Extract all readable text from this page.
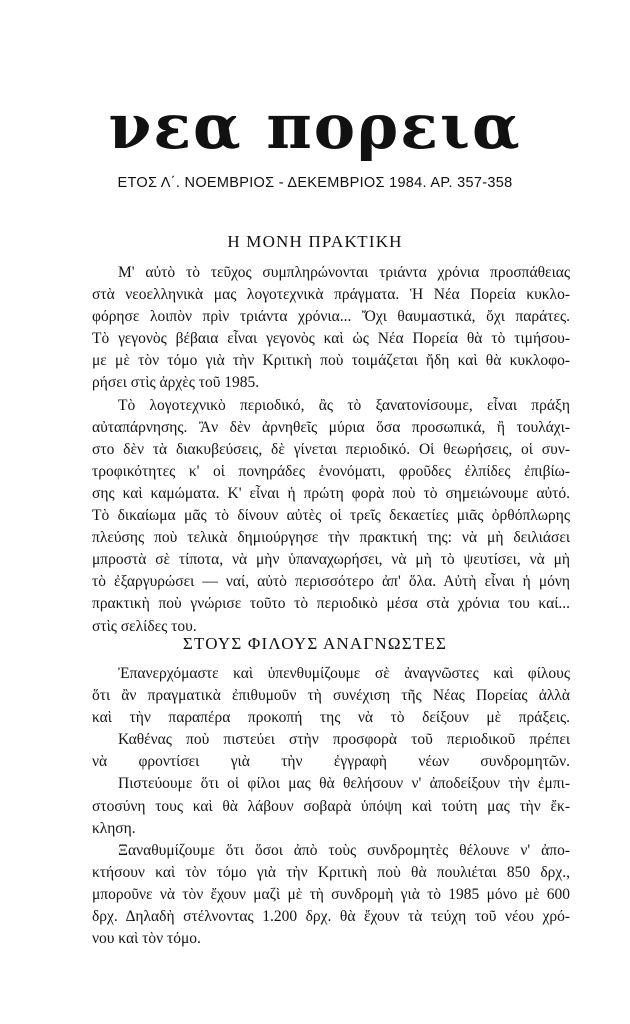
νεα πορεια
ΕΤΟΣ Λ΄. ΝΟΕΜΒΡΙΟΣ - ΔΕΚΕΜΒΡΙΟΣ 1984. ΑΡ. 357-358
Η ΜΟΝΗ ΠΡΑΚΤΙΚΗ
Μ' αὐτὸ τὸ τεῦχος συμπληρώνονται τριάντα χρόνια προσπάθειας
στὰ νεοελληνικὰ μας λογοτεχνικὰ πράγματα. Ἡ Νέα Πορεία κυκλο-
φόρησε λοιπὸν πρὶν τριάντα χρόνια... Ὄχι θαυμαστικά, ὄχι παράτες.
Τὸ γεγονὸς βέβαια εἶναι γεγονὸς καὶ ὡς Νέα Πορεία θὰ τὸ τιμήσου-
με μὲ τὸν τόμο γιὰ τὴν Κριτικὴ ποὺ τοιμάζεται ἤδη καὶ θὰ κυκλοφο-
ρήσει στὶς ἀρχὲς τοῦ 1985.
Τὸ λογοτεχνικὸ περιοδικό, ἂς τὸ ξανατονίσουμε, εἶναι πράξη
αὐταπάρνησης. Ἂν δὲν ἀρνηθεῖς μύρια ὅσα προσωπικά, ἢ τουλάχι-
στο δὲν τὰ διακυβεύσεις, δὲ γίνεται περιοδικό. Οἱ θεωρήσεις, οἱ συν-
τροφικότητες κ' οἱ πονηράδες ἑνονόματι, φροῦδες ἐλπίδες ἐπιβίω-
σης καὶ καμώματα. Κ' εἶναι ἡ πρώτη φορὰ ποὺ τὸ σημειώνουμε αὐτό.
Τὸ δικαίωμα μᾶς τὸ δίνουν αὐτὲς οἱ τρεῖς δεκαετίες μιᾶς ὀρθόπλωρης
πλεύσης ποὺ τελικὰ δημιούργησε τὴν πρακτική της: νὰ μὴ δειλιάσει
μπροστὰ σὲ τίποτα, νὰ μὴν ὑπαναχωρήσει, νὰ μὴ τὸ ψευτίσει, νὰ μὴ
τὸ ἐξαργυρώσει — ναί, αὐτὸ περισσότερο ἀπ' ὅλα. Αὐτὴ εἶναι ἡ μόνη
πρακτικὴ ποὺ γνώρισε τοῦτο τὸ περιοδικὸ μέσα στὰ χρόνια του καί...
στὶς σελίδες του.
ΣΤΟΥΣ ΦΙΛΟΥΣ ΑΝΑΓΝΩΣΤΕΣ
Ἐπανερχόμαστε καὶ ὑπενθυμίζουμε σὲ ἀναγνῶστες καὶ φίλους
ὅτι ἂν πραγματικὰ ἐπιθυμοῦν τὴ συνέχιση τῆς Νέας Πορείας ἀλλὰ
καὶ τὴν παραπέρα προκοπή της νὰ τὸ δείξουν μὲ πράξεις.
Καθένας ποὺ πιστεύει στὴν προσφορὰ τοῦ περιοδικοῦ πρέπει
νὰ φροντίσει γιὰ τὴν ἐγγραφὴ νέων συνδρομητῶν.
Πιστεύουμε ὅτι οἱ φίλοι μας θὰ θελήσουν ν' ἀποδείξουν τὴν ἐμπι-
στοσύνη τους καὶ θὰ λάβουν σοβαρὰ ὑπόψη καὶ τούτη μας τὴν ἔκ-
κληση.
Ξαναθυμίζουμε ὅτι ὅσοι ἀπὸ τοὺς συνδρομητὲς θέλουνε ν' ἀπο-
κτήσουν καὶ τὸν τόμο γιὰ τὴν Κριτικὴ ποὺ θὰ πουλιέται 850 δρχ.,
μποροῦνε νὰ τὸν ἔχουν μαζὶ μὲ τὴ συνδρομὴ γιὰ τὸ 1985 μόνο μὲ 600
δρχ. Δηλαδὴ στέλνοντας 1.200 δρχ. θὰ ἔχουν τὰ τεύχη τοῦ νέου χρό-
νου καὶ τὸν τόμο.
